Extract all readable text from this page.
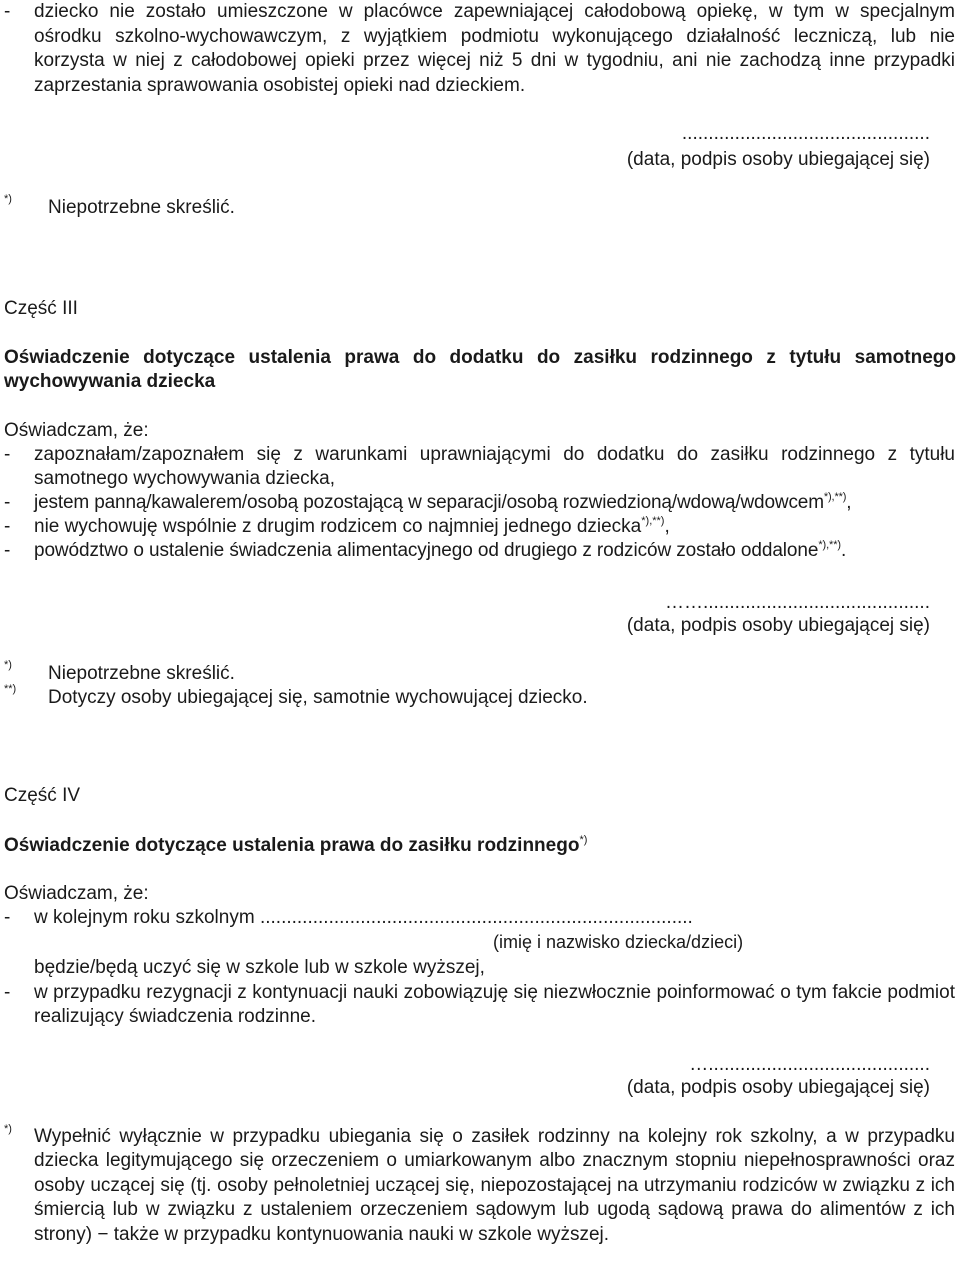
- dziecko nie zostało umieszczone w placówce zapewniającej całodobową opiekę, w tym w specjalnym ośrodku szkolno-wychowawczym, z wyjątkiem podmiotu wykonującego działalność leczniczą, lub nie korzysta w niej z całodobowej opieki przez więcej niż 5 dni w tygodniu, ani nie zachodzą inne przypadki zaprzestania sprawowania osobistej opieki nad dzieckiem.
...............................................
(data, podpis osoby ubiegającej się)
*) Niepotrzebne skreślić.
Część III
Oświadczenie dotyczące ustalenia prawa do dodatku do zasiłku rodzinnego z tytułu samotnego wychowywania dziecka
Oświadczam, że:
- zapoznałam/zapoznałem się z warunkami uprawniającymi do dodatku do zasiłku rodzinnego z tytułu samotnego wychowywania dziecka,
- jestem panną/kawalerem/osobą pozostającą w separacji/osobą rozwiedzioną/wdową/wdowcem*),**),
- nie wychowuję wspólnie z drugim rodzicem co najmniej jednego dziecka*),**),
- powództwo o ustalenie świadczenia alimentacyjnego od drugiego z rodziców zostało oddalone*),**).
……...........................................
(data, podpis osoby ubiegającej się)
*) Niepotrzebne skreślić.
**) Dotyczy osoby ubiegającej się, samotnie wychowującej dziecko.
Część IV
Oświadczenie dotyczące ustalenia prawa do zasiłku rodzinnego*)
Oświadczam, że:
- w kolejnym roku szkolnym ..................................................................................
(imię i nazwisko dziecka/dzieci)
będzie/będą uczyć się w szkole lub w szkole wyższej,
- w przypadku rezygnacji z kontynuacji nauki zobowiązuję się niezwłocznie poinformować o tym fakcie podmiot realizujący świadczenia rodzinne.
…..........................................
(data, podpis osoby ubiegającej się)
*) Wypełnić wyłącznie w przypadku ubiegania się o zasiłek rodzinny na kolejny rok szkolny, a w przypadku dziecka legitymującego się orzeczeniem o umiarkowanym albo znacznym stopniu niepełnosprawności oraz osoby uczącej się (tj. osoby pełnoletniej uczącej się, niepozostającej na utrzymaniu rodziców w związku z ich śmiercią lub w związku z ustaleniem orzeczeniem sądowym lub ugodą sądową prawa do alimentów z ich strony) − także w przypadku kontynuowania nauki w szkole wyższej.
